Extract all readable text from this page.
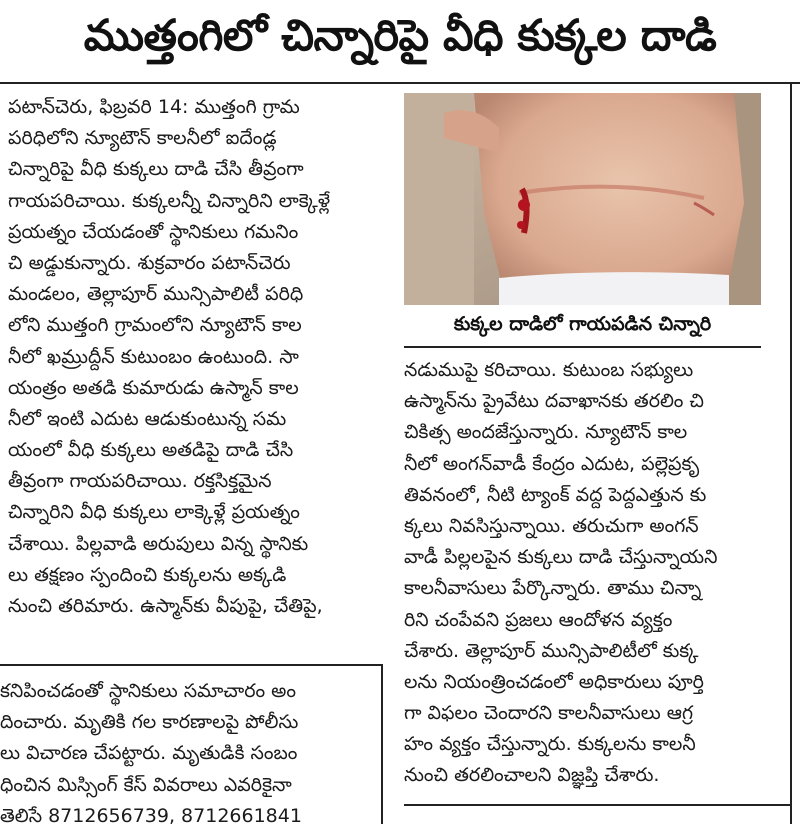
ముత్తంగిలో చిన్నారిపై వీధి కుక్కల దాడి
పటాన్‌చెరు, ఫిబ్రవరి 14: ముత్తంగి గ్రామ
పరిధిలోని న్యూటౌన్ కాలనీలో ఐదేండ్ల
చిన్నారిపై వీధి కుక్కలు దాడి చేసి తీవ్రంగా
గాయపరిచాయి. కుక్కలన్నీ చిన్నారిని లాక్కెళ్లే
ప్రయత్నం చేయడంతో స్థానికులు గమనిం
చి అడ్డుకున్నారు. శుక్రవారం పటాన్‌చెరు
మండలం, తెల్లాపూర్ మున్సిపాలిటీ పరిధి
లోని ముత్తంగి గ్రామంలోని న్యూటౌన్ కాల
నీలో ఖమ్రుద్దీన్ కుటుంబం ఉంటుంది. సా
యంత్రం అతడి కుమారుడు ఉస్మాన్ కాల
నీలో ఇంటి ఎదుట ఆడుకుంటున్న సమ
యంలో వీధి కుక్కలు అతడిపై దాడి చేసి
తీవ్రంగా గాయపరిచాయి. రక్తసిక్తమైన
చిన్నారిని వీధి కుక్కలు లాక్కెళ్లే ప్రయత్నం
చేశాయి. పిల్లవాడి అరుపులు విన్న స్థానికు
లు తక్షణం స్పందించి కుక్కలను అక్కడి
నుంచి తరిమారు. ఉస్మాన్‌కు వీపుపై, చేతిపై,
కుక్కల దాడిలో గాయపడిన చిన్నారి
నడుముపై కరిచాయి. కుటుంబ సభ్యులు
ఉస్మాన్‌ను ప్రైవేటు దవాఖానకు తరలిం చి
చికిత్స అందజేస్తున్నారు. న్యూటౌన్ కాల
నీలో అంగన్‌వాడీ కేంద్రం ఎదుట, పల్లెప్రకృ
తివనంలో, నీటి ట్యాంక్ వద్ద పెద్దఎత్తున కు
క్కలు నివసిస్తున్నాయి. తరుచుగా అంగన్
వాడీ పిల్లలపైన కుక్కలు దాడి చేస్తున్నాయని
కాలనీవాసులు పేర్కొన్నారు. తాము చిన్నా
రిని చంపేవని ప్రజలు ఆందోళన వ్యక్తం
చేశారు. తెల్లాపూర్ మున్సిపాలిటీలో కుక్క
లను నియంత్రించడంలో అధికారులు పూర్తి
గా విఫలం చెందారని కాలనీవాసులు ఆగ్ర
హం వ్యక్తం చేస్తున్నారు. కుక్కలను కాలనీ
నుంచి తరలించాలని విజ్ఞప్తి చేశారు.
కనిపించడంతో స్థానికులు సమాచారం అం
దించారు. మృతికి గల కారణాలపై పోలీసు
లు విచారణ చేపట్టారు. మృతుడికి సంబం
ధించిన మిస్సింగ్ కేస్ వివరాలు ఎవరికైనా
తెలిసే 8712656739, 8712661841
